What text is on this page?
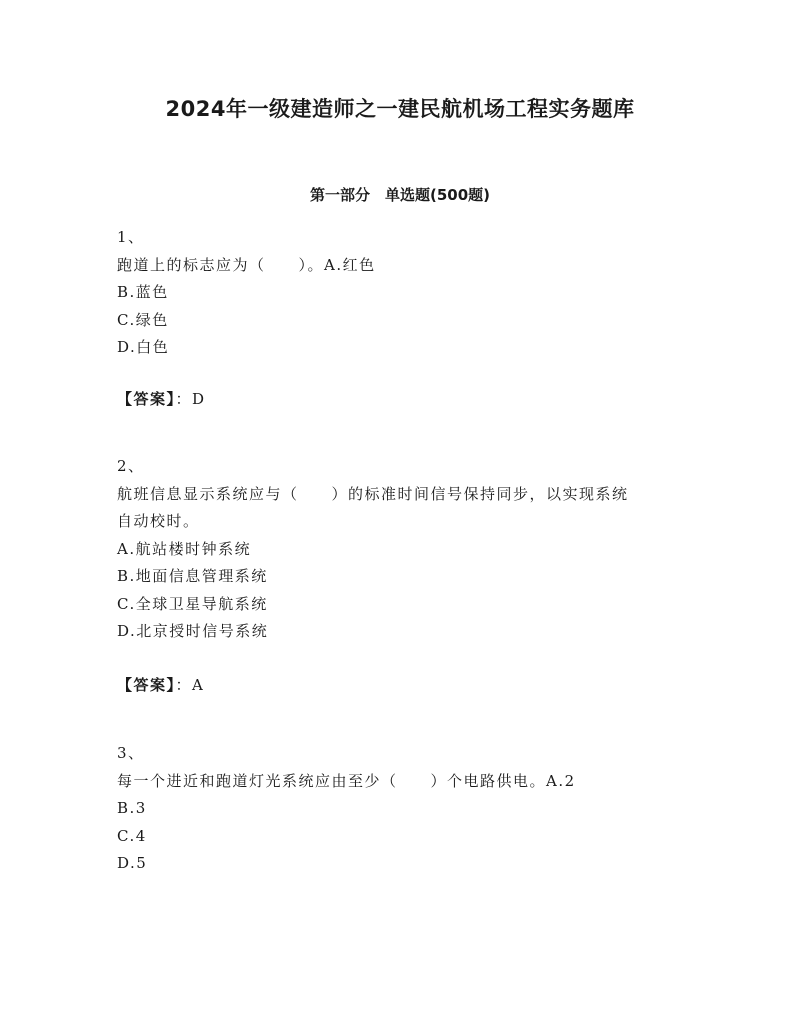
2024年一级建造师之一建民航机场工程实务题库
第一部分　单选题(500题)
1、
跑道上的标志应为（　　）。A.红色
B.蓝色
C.绿色
D.白色
【答案】：D
2、
航班信息显示系统应与（　　）的标准时间信号保持同步，以实现系统
自动校时。
A.航站楼时钟系统
B.地面信息管理系统
C.全球卫星导航系统
D.北京授时信号系统
【答案】：A
3、
每一个进近和跑道灯光系统应由至少（　　）个电路供电。A.2
B.3
C.4
D.5
